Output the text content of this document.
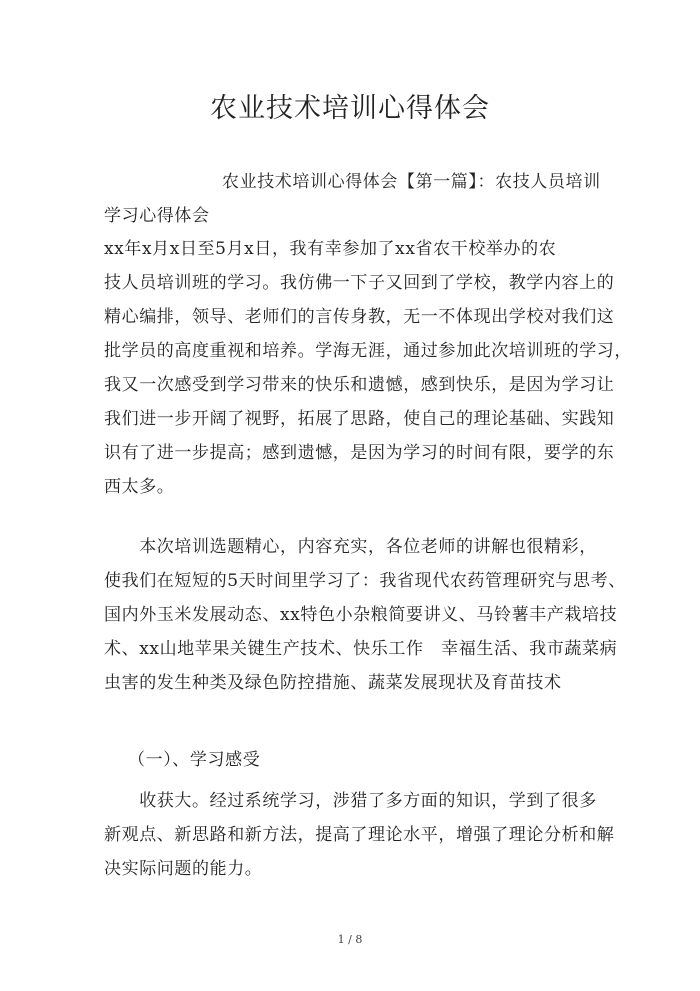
农业技术培训心得体会
农业技术培训心得体会【第一篇】：农技人员培训
学习心得体会
xx年x月x日至5月x日，我有幸参加了xx省农干校举办的农
技人员培训班的学习。我仿佛一下子又回到了学校，教学内容上的
精心编排，领导、老师们的言传身教，无一不体现出学校对我们这
批学员的高度重视和培养。学海无涯，通过参加此次培训班的学习，
我又一次感受到学习带来的快乐和遗憾，感到快乐，是因为学习让
我们进一步开阔了视野，拓展了思路，使自己的理论基础、实践知
识有了进一步提高；感到遗憾，是因为学习的时间有限，要学的东
西太多。
　　本次培训选题精心，内容充实，各位老师的讲解也很精彩，
使我们在短短的5天时间里学习了：我省现代农药管理研究与思考、
国内外玉米发展动态、xx特色小杂粮简要讲义、马铃薯丰产栽培技
术、xx山地苹果关键生产技术、快乐工作　幸福生活、我市蔬菜病
虫害的发生种类及绿色防控措施、蔬菜发展现状及育苗技术
（一）、学习感受
　　收获大。经过系统学习，涉猎了多方面的知识，学到了很多
新观点、新思路和新方法，提高了理论水平，增强了理论分析和解
决实际问题的能力。
1 / 8
